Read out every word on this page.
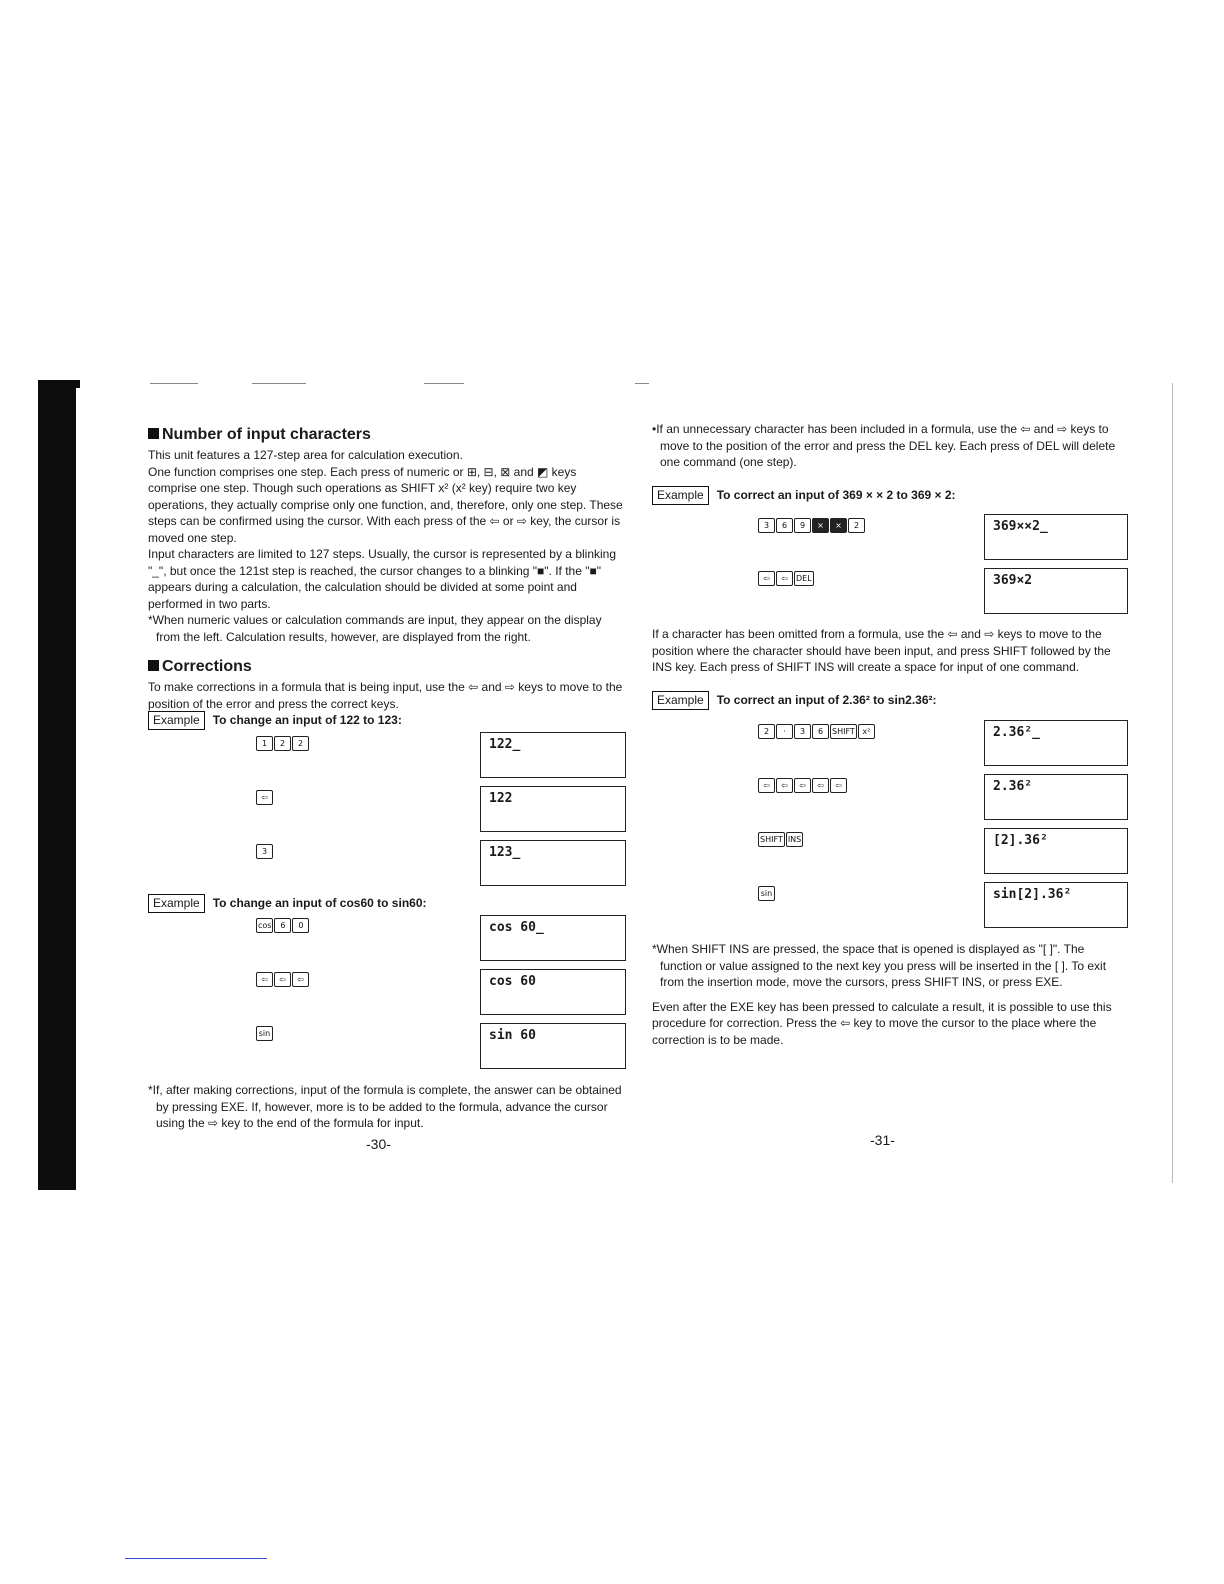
Number of input characters

This unit features a 127-step area for calculation execution.

One function comprises one step. Each press of numeric or ⊞, ⊟, ⊠ and ◩ keys comprise one step. Though such operations as SHIFT x² (x² key) require two key operations, they actually comprise only one function, and, therefore, only one step. These steps can be confirmed using the cursor. With each press of the ⇦ or ⇨ key, the cursor is moved one step.

Input characters are limited to 127 steps. Usually, the cursor is represented by a blinking "_", but once the 121st step is reached, the cursor changes to a blinking "■". If the "■" appears during a calculation, the calculation should be divided at some point and performed in two parts.

*When numeric values or calculation commands are input, they appear on the display from the left. Calculation results, however, are displayed from the right.

Corrections

To make corrections in a formula that is being input, use the ⇦ and ⇨ keys to move to the position of the error and press the correct keys.

Example	To change an input of 122 to 123:
1	2	2	122_
⇦	122
3	123_
Example	To change an input of cos60 to sin60:
cos	6	0	cos 60_
⇦	⇦	⇦	cos 60
sin	sin 60

*If, after making corrections, input of the formula is complete, the answer can be obtained by pressing EXE. If, however, more is to be added to the formula, advance the cursor using the ⇨ key to the end of the formula for input.

-30-

•If an unnecessary character has been included in a formula, use the ⇦ and ⇨ keys to move to the position of the error and press the DEL key. Each press of DEL will delete one command (one step).

Example	To correct an input of 369 × × 2 to 369 × 2:
3	6	9	×	×	2	369××2_
⇦	⇦	DEL	369×2

If a character has been omitted from a formula, use the ⇦ and ⇨ keys to move to the position where the character should have been input, and press SHIFT followed by the INS key. Each press of SHIFT INS will create a space for input of one command.

Example	To correct an input of 2.36² to sin2.36²:
2	·	3	6	SHIFT x²	2.36²_
⇦	⇦	⇦	⇦	⇦	2.36²
SHIFT INS	[2].36²
sin	sin[2].36²

*When SHIFT INS are pressed, the space that is opened is displayed as "[ ]". The function or value assigned to the next key you press will be inserted in the [ ]. To exit from the insertion mode, move the cursors, press SHIFT INS, or press EXE.

Even after the EXE key has been pressed to calculate a result, it is possible to use this procedure for correction. Press the ⇦ key to move the cursor to the place where the correction is to be made.

-31-
